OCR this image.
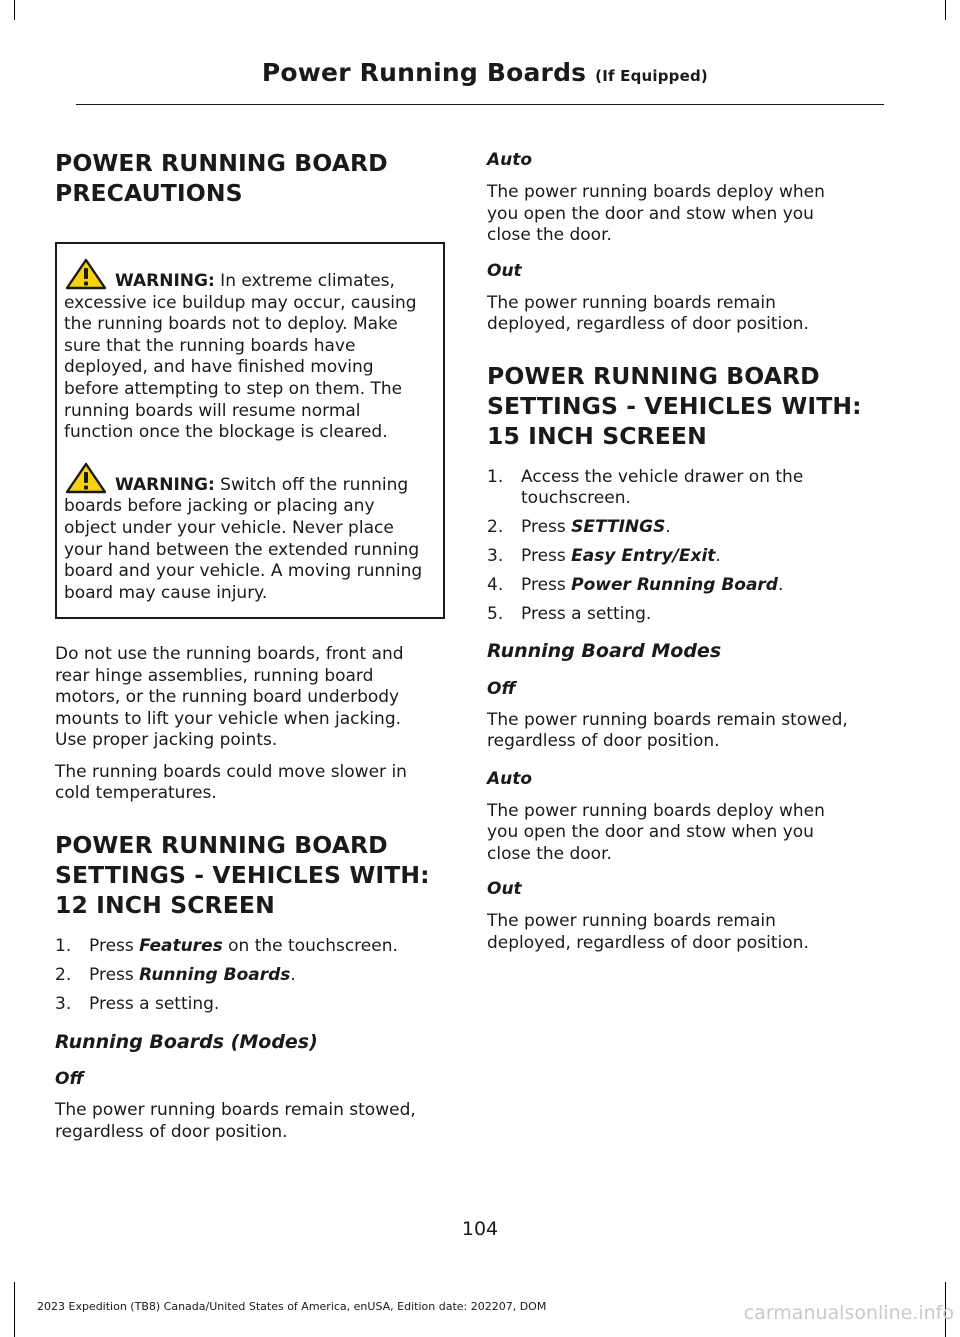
Power Running Boards (If Equipped)
POWER RUNNING BOARD
PRECAUTIONS

WARNING: In extreme climates,
excessive ice buildup may occur, causing
the running boards not to deploy. Make
sure that the running boards have
deployed, and have finished moving
before attempting to step on them. The
running boards will resume normal
function once the blockage is cleared.

WARNING: Switch off the running
boards before jacking or placing any
object under your vehicle. Never place
your hand between the extended running
board and your vehicle. A moving running
board may cause injury.

Do not use the running boards, front and
rear hinge assemblies, running board
motors, or the running board underbody
mounts to lift your vehicle when jacking.
Use proper jacking points.

The running boards could move slower in
cold temperatures.

POWER RUNNING BOARD
SETTINGS - VEHICLES WITH:
12 INCH SCREEN
1. Press Features on the touchscreen.
2. Press Running Boards.
3. Press a setting.
Running Boards (Modes)
Off

The power running boards remain stowed,
regardless of door position.

Auto

The power running boards deploy when
you open the door and stow when you
close the door.

Out

The power running boards remain
deployed, regardless of door position.

POWER RUNNING BOARD
SETTINGS - VEHICLES WITH:
15 INCH SCREEN
1. Access the vehicle drawer on the
touchscreen.
2. Press SETTINGS.
3. Press Easy Entry/Exit.
4. Press Power Running Board.
5. Press a setting.
Running Board Modes
Off

The power running boards remain stowed,
regardless of door position.

Auto

The power running boards deploy when
you open the door and stow when you
close the door.

Out

The power running boards remain
deployed, regardless of door position.

104
2023 Expedition (TB8) Canada/United States of America, enUSA, Edition date: 202207, DOM	carmanualsonline.info
